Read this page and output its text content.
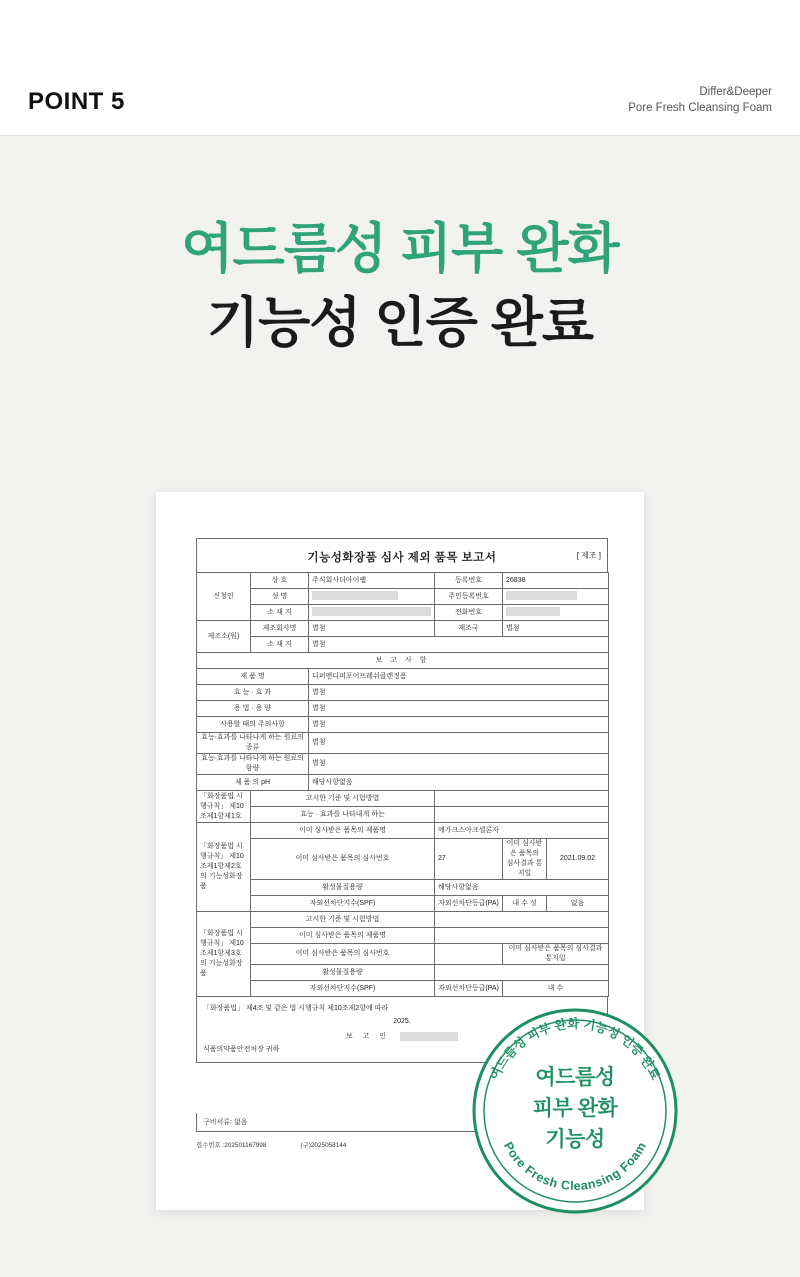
POINT 5	Differ&Deeper
Pore Fresh Cleansing Foam
여드름성 피부 완화
기능성 인증 완료
기능성화장품 심사 제외 품목 보고서	[ 제조 ]
신청인	상 호	주식회사더아이랩	등록번호	26838	
	성 명		주민등록번호		
	소 재 지		전화번호		
제조소(원)	제조회사명	별첨	제조국	별첨	
	소 재 지	별첨			
보 고 사 항					
제 품 명		디퍼앤디퍼포어프레쉬클렌징폼			
효 능 · 효 과		별첨			
용 법 · 용 량		별첨			
사용할 때의 주의사항		별첨			
효능·효과를 나타나게 하는 원료의 종류		별첨			
효능·효과를 나타나게 하는 원료의 함량		별첨			
제 품 의 pH		해당사항없음			
「화장품법 시행규칙」 제10조제1항제1호	고시한 기준 및 시험방법				
	효능 · 효과를 나타내게 하는				
「화장품법 시행규칙」 제10조제1항제2호의 기능성화장품	이미 심사받은 품목의 제품명		메가크스아크셀론자		
	이미 심사받은 품목의 심사번호		27	이미 심사받은 품목의 심사결과 통지일	2021.09.02
	활성물질용량		해당사항없음		
	자외선차단지수(SPF)		자외선차단등급(PA)	내 수 성	없음
「화장품법 시행규칙」 제10조제1항제3호의 기능성화장품	고시한 기준 및 시험방법				
	이미 심사받은 품목의 제품명				
	이미 심사받은 품목의 심사번호			이미 심사받은 품목의 심사결과 통지일	
	활성물질용량				
	자외선차단지수(SPF)		자외선차단등급(PA)	내 수	
「화장품법」 제4조 및 같은 법 시행규칙 제10조제2항에 따라
2025.
보 고 인
식품의약품안전처장 귀하
구비서류: 없음
접수번호 :202501167998	(구)2025058144
여드름성 피부 완화 기능성 인증 완료
Pore Fresh Cleansing Foam
여드름성
피부 완화
기능성
